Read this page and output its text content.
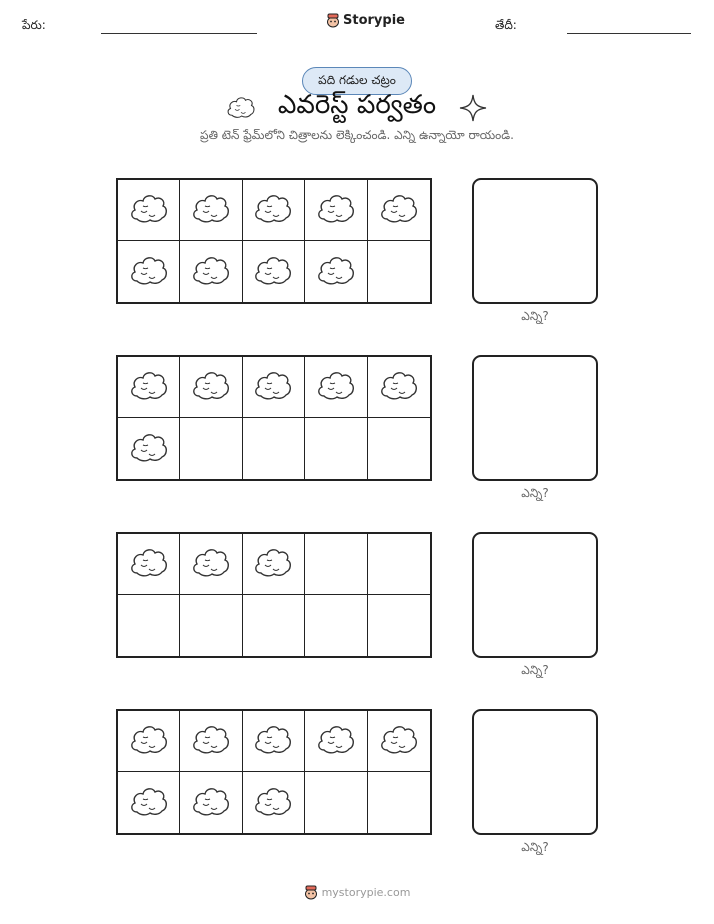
పేరు:	Storypie	తేదీ:
పది గడుల చట్రం
ఎవరెస్ట్ పర్వతం
ప్రతి టెన్ ఫ్రేమ్‌లోని చిత్రాలను లెక్కించండి. ఎన్ని ఉన్నాయో రాయండి.
ఎన్ని?
ఎన్ని?
ఎన్ని?
ఎన్ని?
mystorypie.com
